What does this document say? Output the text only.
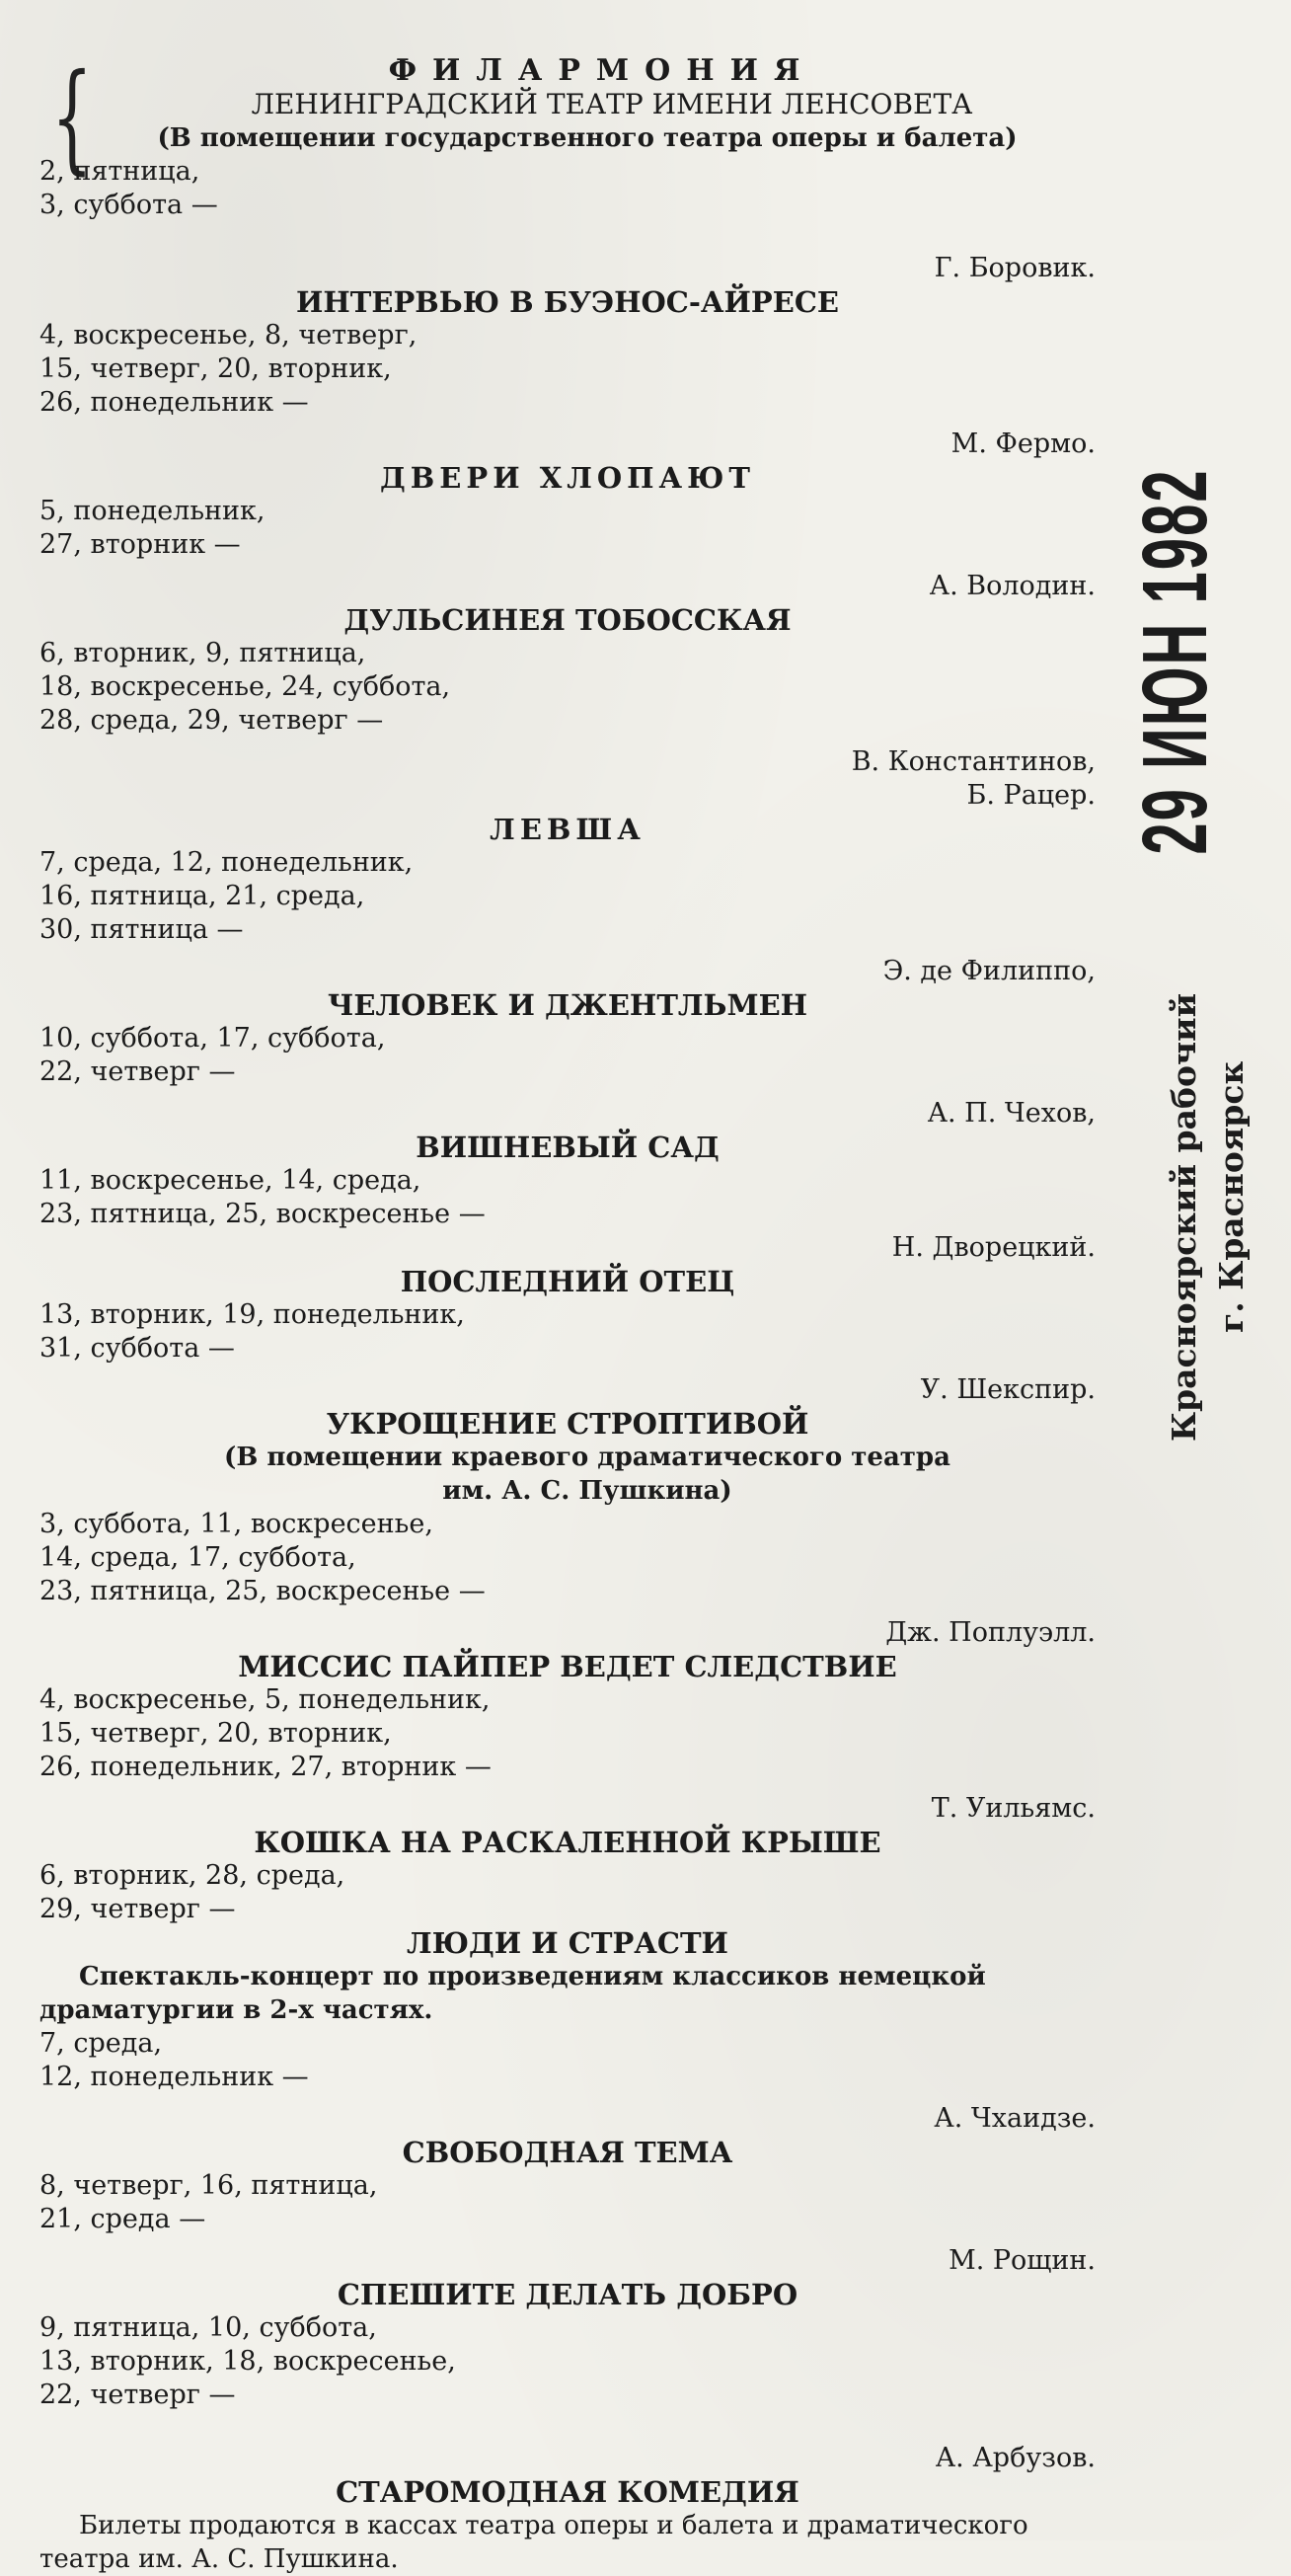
{	ФИЛАРМОНИЯ
ЛЕНИНГРАДСКИЙ ТЕАТР ИМЕНИ ЛЕНСОВЕТА
(В помещении государственного театра оперы и балета)
2, пятница,
3, суббота —
Г. Боровик.
ИНТЕРВЬЮ В БУЭНОС-АЙРЕСЕ
4, воскресенье, 8, четверг,
15, четверг, 20, вторник,
26, понедельник —
М. Фермо.
ДВЕРИ ХЛОПАЮТ
5, понедельник,
27, вторник —
А. Володин.
ДУЛЬСИНЕЯ ТОБОССКАЯ
6, вторник, 9, пятница,
18, воскресенье, 24, суббота,
28, среда, 29, четверг —
В. Константинов,
Б. Рацер.
ЛЕВША
7, среда, 12, понедельник,
16, пятница, 21, среда,
30, пятница —
Э. де Филиппо,
ЧЕЛОВЕК И ДЖЕНТЛЬМЕН
10, суббота, 17, суббота,
22, четверг —
А. П. Чехов,
ВИШНЕВЫЙ САД
11, воскресенье, 14, среда,
23, пятница, 25, воскресенье —
Н. Дворецкий.
ПОСЛЕДНИЙ ОТЕЦ
13, вторник, 19, понедельник,
31, суббота —
У. Шекспир.
УКРОЩЕНИЕ СТРОПТИВОЙ
(В помещении краевого драматического театра
им. А. С. Пушкина)
3, суббота, 11, воскресенье,
14, среда, 17, суббота,
23, пятница, 25, воскресенье —
Дж. Поплуэлл.
МИССИС ПАЙПЕР ВЕДЕТ СЛЕДСТВИЕ
4, воскресенье, 5, понедельник,
15, четверг, 20, вторник,
26, понедельник, 27, вторник —
Т. Уильямс.
КОШКА НА РАСКАЛЕННОЙ КРЫШЕ
6, вторник, 28, среда,
29, четверг —
ЛЮДИ И СТРАСТИ
Спектакль-концерт по произведениям классиков немецкой драматургии в 2-х частях.
7, среда,
12, понедельник —
А. Чхаидзе.
СВОБОДНАЯ ТЕМА
8, четверг, 16, пятница,
21, среда —
М. Рощин.
СПЕШИТЕ ДЕЛАТЬ ДОБРО
9, пятница, 10, суббота,
13, вторник, 18, воскресенье,
22, четверг —
А. Арбузов.
СТАРОМОДНАЯ КОМЕДИЯ
Билеты продаются в кассах театра оперы и балета и драматического театра им. А. С. Пушкина.
29 ИЮН 1982
Красноярский рабочий г. Красноярск
